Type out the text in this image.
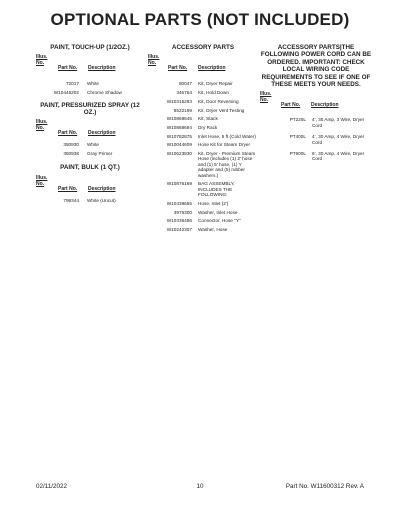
OPTIONAL PARTS (NOT INCLUDED)
PAINT, TOUCH-UP (1/2OZ.)
Illus.
No.
Part No. Description
72017 White
W10446202 Chrome Shadow
PAINT, PRESSURIZED SPRAY (12 OZ.)
Illus.
No.
Part No. Description
350930 White
350938 Gray Primer
PAINT, BULK (1 QT.)
Illus.
No.
Part No. Description
799344 White (Uncut)
ACCESSORY PARTS
Illus.
No.
Part No. Description
80047 Kit, Dryer Repair
346764 Kit, Hold Down
W10315283 Kit, Door Reversing
8522199 Kit, Dryer Vent Testing
W10869645 Kit, Stack
W10868694 Dry Rack
W10782875 Inlet Hose, 5 ft (Cold Water)
W10044609 Hose Kit for Steam Dryer
W10623830 Kit, Dryer - Premium Steam Hose (includes (1) 2' hose and (1) 5' hose, (1) Y adapter and (5) rubber washers.)
W10876169 BAG ASSEMBLY, INCLUDES THE FOLLOWING:
W10439655 Hose, Inlet (2')
3976300 Washer, Inlet Hose
W10336486 Connector, Hose "Y"
W10242307 Washer, Hose
ACCESSORY PARTS|THE FOLLOWING POWER CORD CAN BE ORDERED. IMPORTANT: CHECK LOCAL WIRING CODE REQUIREMENTS TO SEE IF ONE OF THESE MEETS YOUR NEEDS.
Illus.
No.
Part No. Description
PT220L 4', 30 Amp, 3 Wire, Dryer Cord
PT400L 4', 30 Amp, 4 Wire, Dryer Cord
PT600L 6', 30 Amp, 4 Wire, Dryer Cord
02/11/2022	10	Part No. W11600312 Rev. A
